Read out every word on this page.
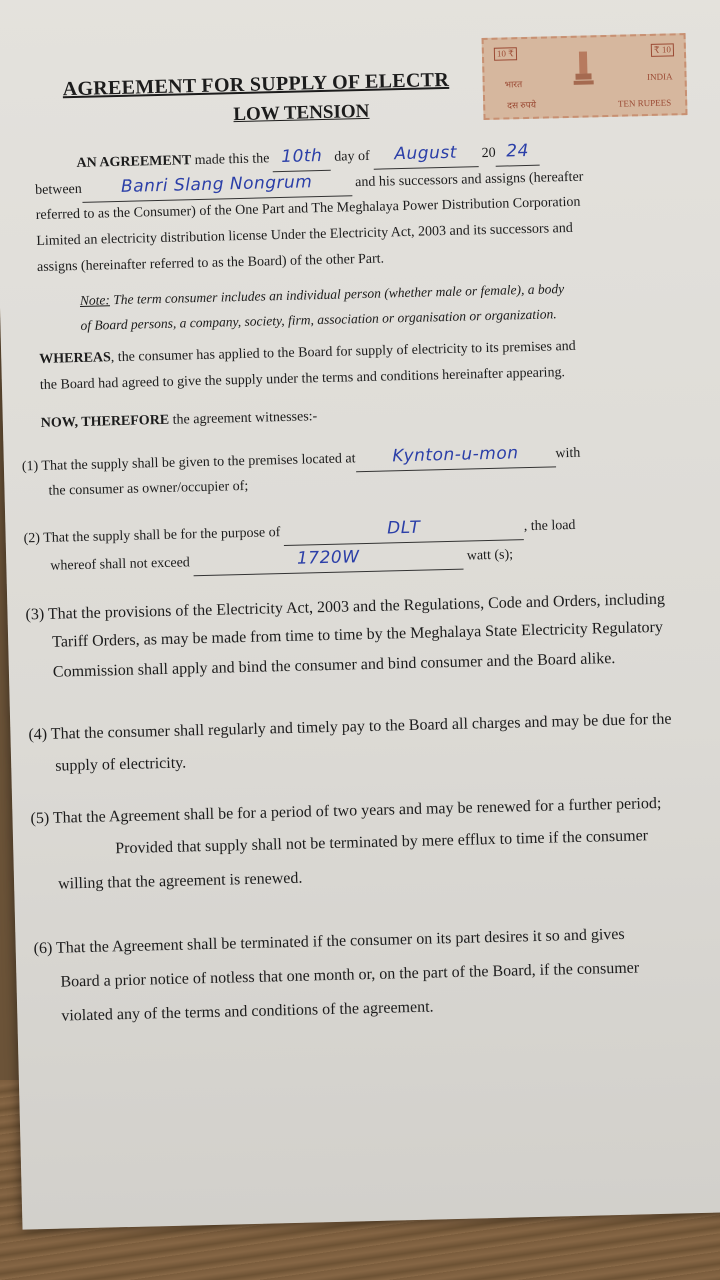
AGREEMENT FOR SUPPLY OF ELECTR
LOW TENSION
10 ₹	₹ 10
भारत
INDIA
दस रुपये	TEN RUPEES
AN AGREEMENT made this the 10th day of August 20 24
between Banri Slang Nongrum	and his successors and assigns (hereafter
referred to as the Consumer) of the One Part and The Meghalaya Power Distribution Corporation
Limited an electricity distribution license Under the Electricity Act, 2003 and its successors and
assigns (hereinafter referred to as the Board) of the other Part.
Note: The term consumer includes an individual person (whether male or female), a body
of Board persons, a company, society, firm, association or organisation or organization.
WHEREAS, the consumer has applied to the Board for supply of electricity to its premises and
the Board had agreed to give the supply under the terms and conditions hereinafter appearing.
NOW, THEREFORE the agreement witnesses:-
(1) That the supply shall be given to the premises located at Kynton-u-mon	with
the consumer as owner/occupier of;
(2) That the supply shall be for the purpose of	DLT	, the load
whereof shall not exceed	1720W	watt (s);
(3) That the provisions of the Electricity Act, 2003 and the Regulations, Code and Orders, including
Tariff Orders, as may be made from time to time by the Meghalaya State Electricity Regulatory
Commission shall apply and bind the consumer and bind consumer and the Board alike.
(4) That the consumer shall regularly and timely pay to the Board all charges and may be due for the
supply of electricity.
(5) That the Agreement shall be for a period of two years and may be renewed for a further period;
Provided that supply shall not be terminated by mere efflux to time if the consumer
willing that the agreement is renewed.
(6) That the Agreement shall be terminated if the consumer on its part desires it so and gives
Board a prior notice of notless that one month or, on the part of the Board, if the consumer
violated any of the terms and conditions of the agreement.
